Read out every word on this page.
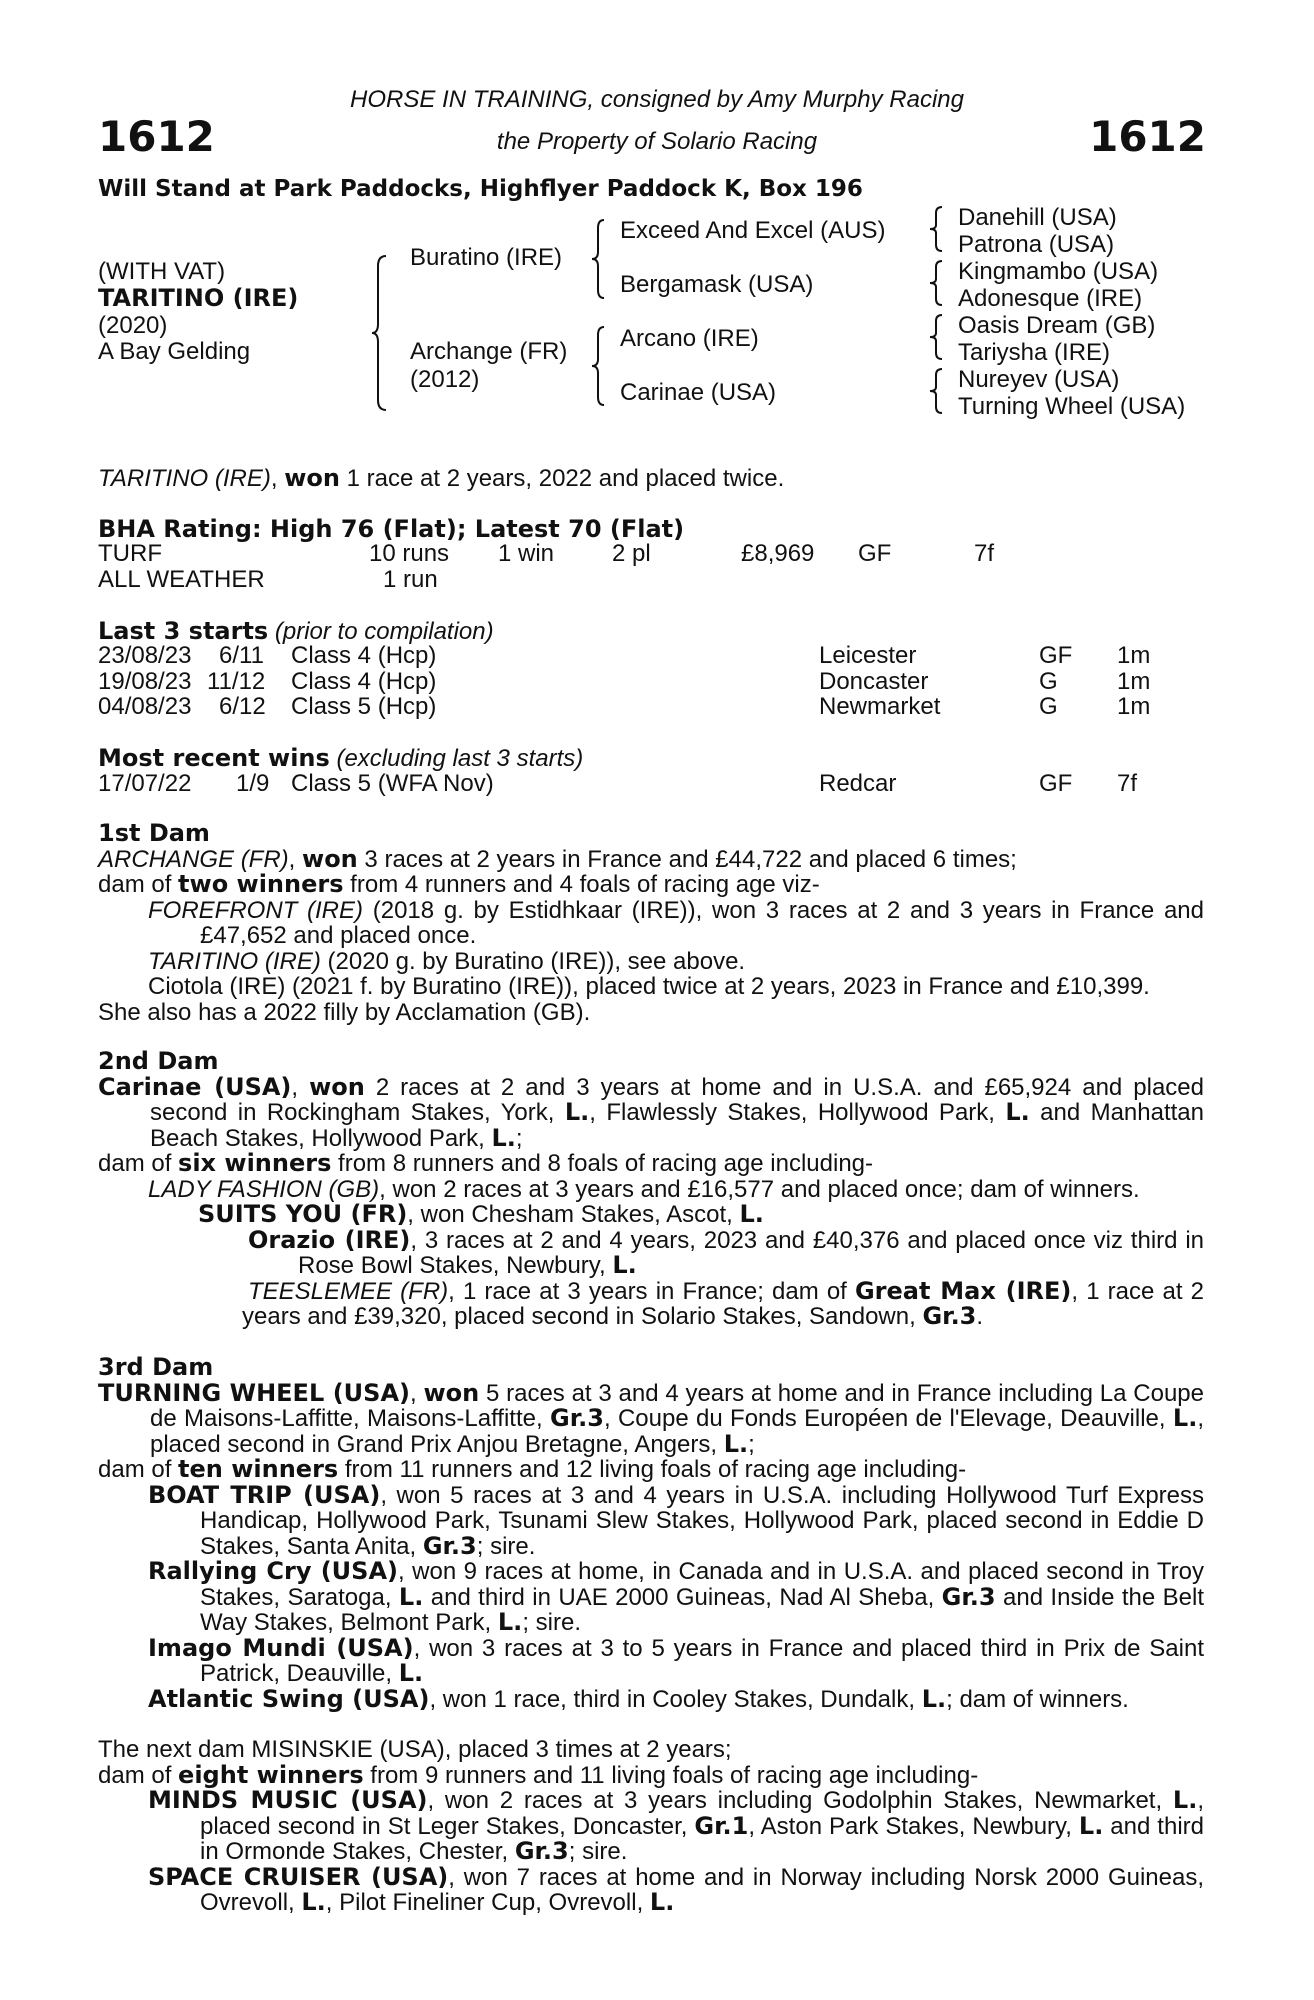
1612	1612
HORSE IN TRAINING, consigned by Amy Murphy Racing
the Property of Solario Racing
Will Stand at Park Paddocks, Highflyer Paddock K, Box 196
(WITH VAT)
TARITINO (IRE)
(2020)
A Bay Gelding
Buratino (IRE)
Archange (FR)
(2012)
Exceed And Excel (AUS)
Bergamask (USA)
Arcano (IRE)
Carinae (USA)
Danehill (USA)
Patrona (USA)
Kingmambo (USA)
Adonesque (IRE)
Oasis Dream (GB)
Tariysha (IRE)
Nureyev (USA)
Turning Wheel (USA)
TARITINO (IRE), won 1 race at 2 years, 2022 and placed twice.
BHA Rating: High 76 (Flat); Latest 70 (Flat)
TURF	10 runs 1 win 2 pl	£8,969 GF	7f
ALL WEATHER	1 run
Last 3 starts (prior to compilation)
23/08/23 6/11 Class 4 (Hcp)	Leicester	GF 1m
19/08/23 11/12 Class 4 (Hcp)	Doncaster	G 1m
04/08/23 6/12 Class 5 (Hcp)	Newmarket	G 1m
Most recent wins (excluding last 3 starts)
17/07/22 1/9 Class 5 (WFA Nov)	Redcar	GF 7f

1st Dam

ARCHANGE (FR), won 3 races at 2 years in France and £44,722 and placed 6 times;

dam of two winners from 4 runners and 4 foals of racing age viz-

FOREFRONT (IRE) (2018 g. by Estidhkaar (IRE)), won 3 races at 2 and 3 years in France and £47,652 and placed once.

TARITINO (IRE) (2020 g. by Buratino (IRE)), see above.

Ciotola (IRE) (2021 f. by Buratino (IRE)), placed twice at 2 years, 2023 in France and £10,399.

She also has a 2022 filly by Acclamation (GB).

2nd Dam

Carinae (USA), won 2 races at 2 and 3 years at home and in U.S.A. and £65,924 and placed second in Rockingham Stakes, York, L., Flawlessly Stakes, Hollywood Park, L. and Manhattan Beach Stakes, Hollywood Park, L.;

dam of six winners from 8 runners and 8 foals of racing age including-

LADY FASHION (GB), won 2 races at 3 years and £16,577 and placed once; dam of winners.

SUITS YOU (FR), won Chesham Stakes, Ascot, L.

Orazio (IRE), 3 races at 2 and 4 years, 2023 and £40,376 and placed once viz third in Rose Bowl Stakes, Newbury, L.

TEESLEMEE (FR), 1 race at 3 years in France; dam of Great Max (IRE), 1 race at 2 years and £39,320, placed second in Solario Stakes, Sandown, Gr.3.

3rd Dam

TURNING WHEEL (USA), won 5 races at 3 and 4 years at home and in France including La Coupe de Maisons-Laffitte, Maisons-Laffitte, Gr.3, Coupe du Fonds Européen de l'Elevage, Deauville, L., placed second in Grand Prix Anjou Bretagne, Angers, L.;

dam of ten winners from 11 runners and 12 living foals of racing age including-

BOAT TRIP (USA), won 5 races at 3 and 4 years in U.S.A. including Hollywood Turf Express Handicap, Hollywood Park, Tsunami Slew Stakes, Hollywood Park, placed second in Eddie D Stakes, Santa Anita, Gr.3; sire.

Rallying Cry (USA), won 9 races at home, in Canada and in U.S.A. and placed second in Troy Stakes, Saratoga, L. and third in UAE 2000 Guineas, Nad Al Sheba, Gr.3 and Inside the Belt Way Stakes, Belmont Park, L.; sire.

Imago Mundi (USA), won 3 races at 3 to 5 years in France and placed third in Prix de Saint Patrick, Deauville, L.

Atlantic Swing (USA), won 1 race, third in Cooley Stakes, Dundalk, L.; dam of winners.

The next dam MISINSKIE (USA), placed 3 times at 2 years;

dam of eight winners from 9 runners and 11 living foals of racing age including-

MINDS MUSIC (USA), won 2 races at 3 years including Godolphin Stakes, Newmarket, L., placed second in St Leger Stakes, Doncaster, Gr.1, Aston Park Stakes, Newbury, L. and third in Ormonde Stakes, Chester, Gr.3; sire.

SPACE CRUISER (USA), won 7 races at home and in Norway including Norsk 2000 Guineas, Ovrevoll, L., Pilot Fineliner Cup, Ovrevoll, L.
